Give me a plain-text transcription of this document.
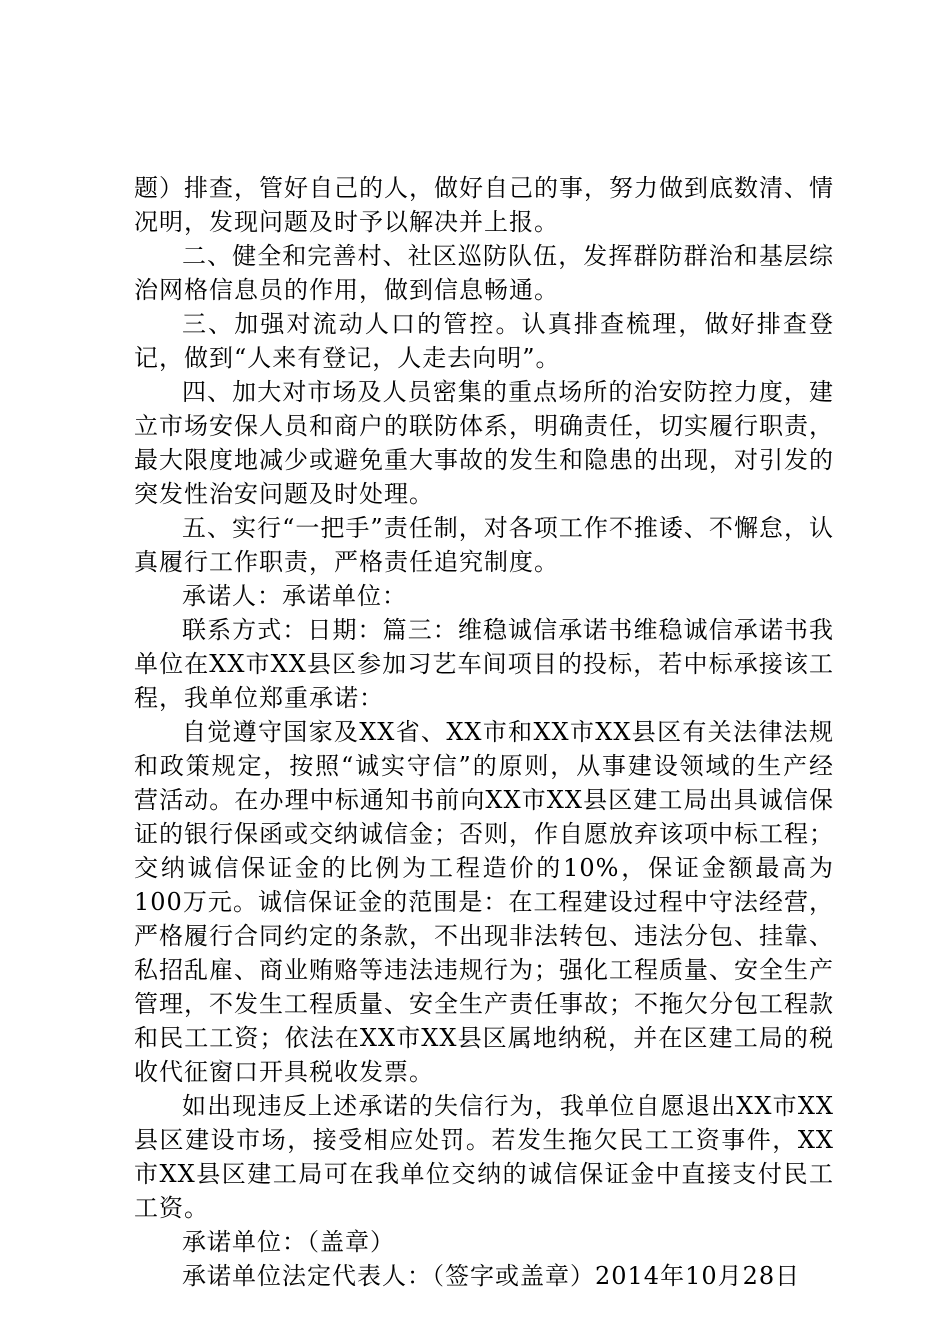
题）排查，管好自己的人，做好自己的事，努力做到底数清、情况明，发现问题及时予以解决并上报。

二、健全和完善村、社区巡防队伍，发挥群防群治和基层综治网格信息员的作用，做到信息畅通。

三、加强对流动人口的管控。认真排查梳理，做好排查登记，做到“人来有登记，人走去向明”。

四、加大对市场及人员密集的重点场所的治安防控力度，建立市场安保人员和商户的联防体系，明确责任，切实履行职责，最大限度地减少或避免重大事故的发生和隐患的出现，对引发的突发性治安问题及时处理。

五、实行“一把手”责任制，对各项工作不推诿、不懈怠，认真履行工作职责，严格责任追究制度。

承诺人：承诺单位：

联系方式：日期：篇三：维稳诚信承诺书维稳诚信承诺书我单位在XX市XX县区参加习艺车间项目的投标，若中标承接该工程，我单位郑重承诺：

自觉遵守国家及XX省、XX市和XX市XX县区有关法律法规和政策规定，按照“诚实守信”的原则，从事建设领域的生产经营活动。在办理中标通知书前向XX市XX县区建工局出具诚信保证的银行保函或交纳诚信金；否则，作自愿放弃该项中标工程；交纳诚信保证金的比例为工程造价的10%，保证金额最高为100万元。诚信保证金的范围是：在工程建设过程中守法经营，严格履行合同约定的条款，不出现非法转包、违法分包、挂靠、私招乱雇、商业贿赂等违法违规行为；强化工程质量、安全生产管理，不发生工程质量、安全生产责任事故；不拖欠分包工程款和民工工资；依法在XX市XX县区属地纳税，并在区建工局的税收代征窗口开具税收发票。

如出现违反上述承诺的失信行为，我单位自愿退出XX市XX县区建设市场，接受相应处罚。若发生拖欠民工工资事件，XX市XX县区建工局可在我单位交纳的诚信保证金中直接支付民工工资。

承诺单位：（盖章）

承诺单位法定代表人：（签字或盖章）2014年10月28日
